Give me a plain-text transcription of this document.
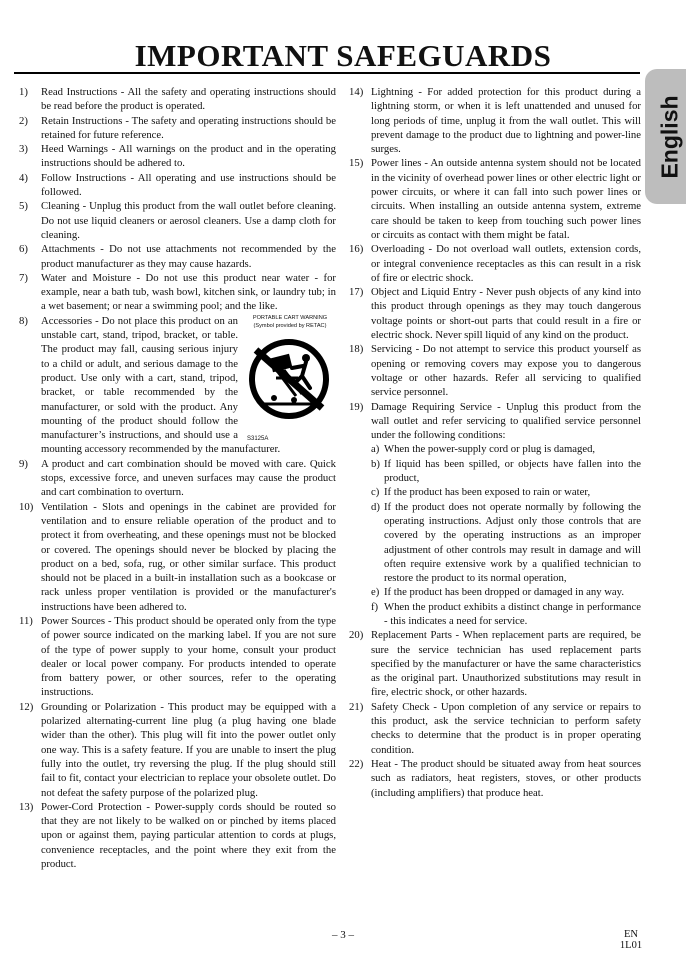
IMPORTANT SAFEGUARDS
English
1)	Read Instructions - All the safety and operating instructions should be read before the product is operated.
2)	Retain Instructions - The safety and operating instructions should be retained for future reference.
3)	Heed Warnings - All warnings on the product and in the operating instructions should be adhered to.
4)	Follow Instructions - All operating and use instructions should be followed.
5)	Cleaning - Unplug this product from the wall outlet before cleaning. Do not use liquid cleaners or aerosol cleaners. Use a damp cloth for cleaning.
6)	Attachments - Do not use attachments not recommended by the product manufacturer as they may cause hazards.
7)	Water and Moisture - Do not use this product near water - for example, near a bath tub, wash bowl, kitchen sink, or laundry tub; in a wet basement; or near a swimming pool; and the like.
8)	PORTABLE CART WARNING
(Symbol provided by RETAC)
S3125A
Accessories - Do not place this product on an unstable cart, stand, tripod, bracket, or table. The product may fall, causing serious injury to a child or adult, and serious damage to the product. Use only with a cart, stand, tripod, bracket, or table recommended by the manufacturer, or sold with the product. Any mounting of the product should follow the manufacturer’s instructions, and should use a mounting accessory recommended by the manufacturer.
9)	A product and cart combination should be moved with care. Quick stops, excessive force, and uneven surfaces may cause the product and cart combination to overturn.
10) Ventilation - Slots and openings in the cabinet are provided for ventilation and to ensure reliable operation of the product and to protect it from overheating, and these openings must not be blocked or covered. The openings should never be blocked by placing the product on a bed, sofa, rug, or other similar surface. This product should not be placed in a built-in installation such as a bookcase or rack unless proper ventilation is provided or the manufacturer's instructions have been adhered to.
11) Power Sources - This product should be operated only from the type of power source indicated on the marking label. If you are not sure of the type of power supply to your home, consult your product dealer or local power company. For products intended to operate from battery power, or other sources, refer to the operating instructions.
12) Grounding or Polarization - This product may be equipped with a polarized alternating-current line plug (a plug having one blade wider than the other). This plug will fit into the power outlet only one way. This is a safety feature. If you are unable to insert the plug fully into the outlet, try reversing the plug. If the plug should still fail to fit, contact your electrician to replace your obsolete outlet. Do not defeat the safety purpose of the polarized plug.
13) Power-Cord Protection - Power-supply cords should be routed so that they are not likely to be walked on or pinched by items placed upon or against them, paying particular attention to cords at plugs, convenience receptacles, and the point where they exit from the product.
14) Lightning - For added protection for this product during a lightning storm, or when it is left unattended and unused for long periods of time, unplug it from the wall outlet. This will prevent damage to the product due to lightning and power-line surges.
15) Power lines - An outside antenna system should not be located in the vicinity of overhead power lines or other electric light or power circuits, or where it can fall into such power lines or circuits. When installing an outside antenna system, extreme care should be taken to keep from touching such power lines or circuits as contact with them might be fatal.
16) Overloading - Do not overload wall outlets, extension cords, or integral convenience receptacles as this can result in a risk of fire or electric shock.
17) Object and Liquid Entry - Never push objects of any kind into this product through openings as they may touch dangerous voltage points or short-out parts that could result in a fire or electric shock. Never spill liquid of any kind on the product.
18) Servicing - Do not attempt to service this product yourself as opening or removing covers may expose you to dangerous voltage or other hazards. Refer all servicing to qualified service personnel.
19) Damage Requiring Service - Unplug this product from the wall outlet and refer servicing to qualified service personnel under the following conditions:
a) When the power-supply cord or plug is damaged,
b) If liquid has been spilled, or objects have fallen into the product,
c) If the product has been exposed to rain or water,
d) If the product does not operate normally by following the operating instructions. Adjust only those controls that are covered by the operating instructions as an improper adjustment of other controls may result in damage and will often require extensive work by a qualified technician to restore the product to its normal operation,
e) If the product has been dropped or damaged in any way.
f) When the product exhibits a distinct change in performance - this indicates a need for service.
20) Replacement Parts - When replacement parts are required, be sure the service technician has used replacement parts specified by the manufacturer or have the same characteristics as the original part. Unauthorized substitutions may result in fire, electric shock, or other hazards.
21) Safety Check - Upon completion of any service or repairs to this product, ask the service technician to perform safety checks to determine that the product is in proper operating condition.
22) Heat - The product should be situated away from heat sources such as radiators, heat registers, stoves, or other products (including amplifiers) that produce heat.
– 3 –	EN
1L01
